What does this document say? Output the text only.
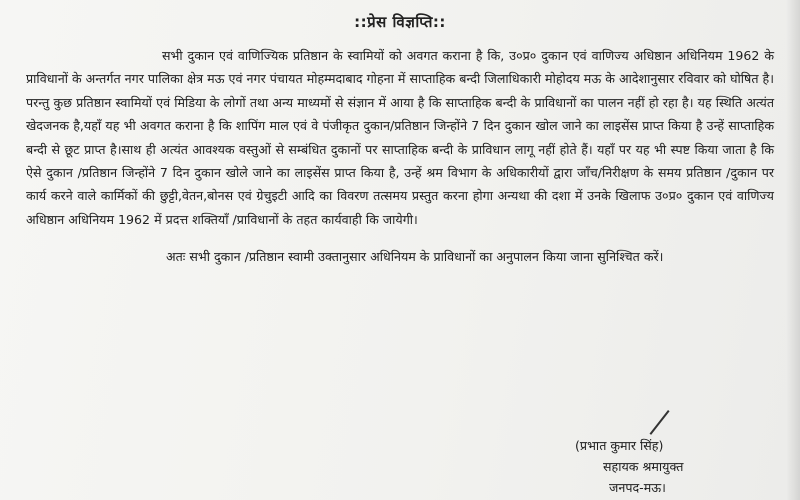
::प्रेस विज्ञप्ति::

सभी दुकान एवं वाणिज्यिक प्रतिष्ठान के स्वामियों को अवगत कराना है कि, उ०प्र० दुकान एवं वाणिज्य अधिष्ठान अधिनियम 1962 के प्राविधानों के अन्तर्गत नगर पालिका क्षेत्र मऊ एवं नगर पंचायत मोहम्मदाबाद गोहना में साप्ताहिक बन्दी जिलाधिकारी मोहोदय मऊ के आदेशानुसार रविवार को घोषित है। परन्तु कुछ प्रतिष्ठान स्वामियों एवं मिडिया के लोगों तथा अन्य माध्यमों से संज्ञान में आया है कि साप्ताहिक बन्दी के प्राविधानों का पालन नहीं हो रहा है। यह स्थिति अत्यंत खेदजनक है,यहाँ यह भी अवगत कराना है कि शापिंग माल एवं वे पंजीकृत दुकान/प्रतिष्ठान जिन्होंने 7 दिन दुकान खोल जाने का लाइसेंस प्राप्त किया है उन्हें साप्ताहिक बन्दी से छूट प्राप्त है।साथ ही अत्यंत आवश्यक वस्तुओं से सम्बंधित दुकानों पर साप्ताहिक बन्दी के प्राविधान लागू नहीं होते हैं। यहाँ पर यह भी स्पष्ट किया जाता है कि ऐसे दुकान /प्रतिष्ठान जिन्होंने 7 दिन दुकान खोले जाने का लाइसेंस प्राप्त किया है, उन्हें श्रम विभाग के अधिकारीयों द्वारा जाँच/निरीक्षण के समय प्रतिष्ठान /दुकान पर कार्य करने वाले कार्मिकों की छुट्टी,वेतन,बोनस एवं ग्रेचुइटी आदि का विवरण तत्समय प्रस्तुत करना होगा अन्यथा की दशा में उनके खिलाफ उ०प्र० दुकान एवं वाणिज्य अधिष्ठान अधिनियम 1962 में प्रदत्त शक्तियाँ /प्राविधानों के तहत कार्यवाही कि जायेगी।

अतः सभी दुकान /प्रतिष्ठान स्वामी उक्तानुसार अधिनियम के प्राविधानों का अनुपालन किया जाना सुनिश्चित करें।

(प्रभात कुमार सिंह)
सहायक श्रमायुक्त
जनपद-मऊ।
